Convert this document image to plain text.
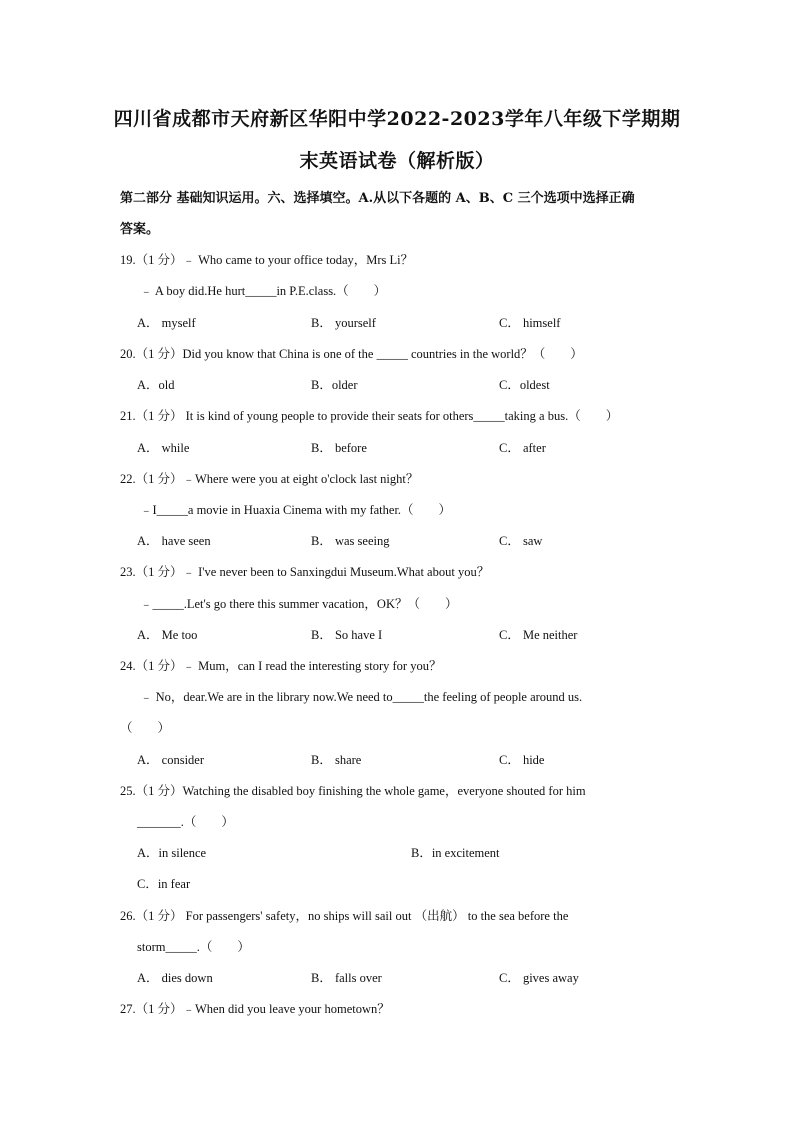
四川省成都市天府新区华阳中学2022-2023学年八年级下学期期
末英语试卷（解析版）
第二部分 基础知识运用。六、选择填空。A.从以下各题的 A、B、C 三个选项中选择正确
答案。
19.（1 分）﹣ Who came to your office today，Mrs Li？
﹣ A boy did.He hurt_____in P.E.class.（　　）
A． myself	B． yourself	C． himself
20.（1 分）Did you know that China is one of the _____ countries in the world？（　　）
A．old	B．older	C．oldest
21.（1 分） It is kind of young people to provide their seats for others_____taking a bus.（　　）
A． while	B． before	C． after
22.（1 分）﹣Where were you at eight o'clock last night？
﹣I_____a movie in Huaxia Cinema with my father.（　　）
A． have seen	B． was seeing	C． saw
23.（1 分）﹣ I've never been to Sanxingdui Museum.What about you？
﹣_____.Let's go there this summer vacation，OK？（　　）
A． Me too	B． So have I	C． Me neither
24.（1 分）﹣ Mum，can I read the interesting story for you？
﹣ No，dear.We are in the library now.We need to_____the feeling of people around us.
（　　）
A． consider	B． share	C． hide
25.（1 分）Watching the disabled boy finishing the whole game，everyone shouted for him
_______.（　　）
A．in silence	B．in excitement
C．in fear
26.（1 分） For passengers' safety，no ships will sail out （出航） to the sea before the
storm_____.（　　）
A． dies down	B． falls over	C． gives away
27.（1 分）﹣When did you leave your hometown？
